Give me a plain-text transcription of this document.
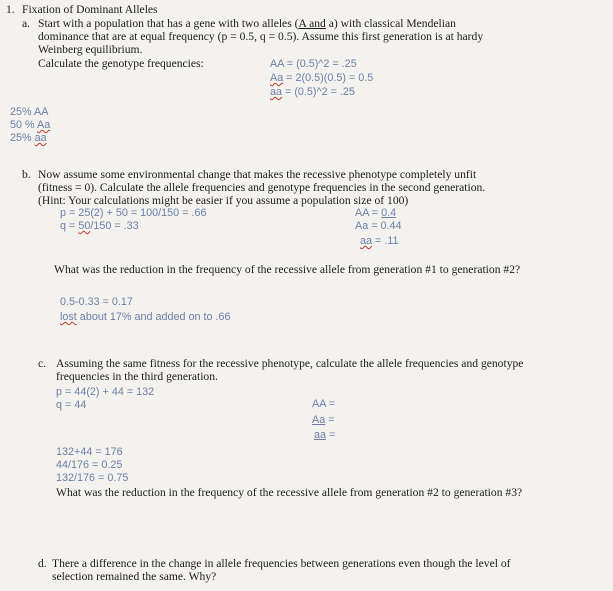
1. Fixation of Dominant Alleles
a. Start with a population that has a gene with two alleles (A and a) with classical Mendelian
dominance that are at equal frequency (p = 0.5, q = 0.5). Assume this first generation is at hardy
Weinberg equilibrium.
Calculate the genotype frequencies:	AA = (0.5)^2 = .25
Aa = 2(0.5)(0.5) = 0.5
aa = (0.5)^2 = .25
25% AA
50 % Aa
25% aa
b. Now assume some environmental change that makes the recessive phenotype completely unfit
(fitness = 0). Calculate the allele frequencies and genotype frequencies in the second generation.
(Hint: Your calculations might be easier if you assume a population size of 100)
p = 25(2) + 50 = 100/150 = .66
q = 50/150 = .33
AA = 0.4
Aa = 0.44
aa = .11
What was the reduction in the frequency of the recessive allele from generation #1 to generation #2?
0.5-0.33 = 0.17
lost about 17% and added on to .66
c. Assuming the same fitness for the recessive phenotype, calculate the allele frequencies and genotype
frequencies in the third generation.
p = 44(2) + 44 = 132
q = 44	AA =
Aa =
aa =
132+44 = 176
44/176 = 0.25
132/176 = 0.75
What was the reduction in the frequency of the recessive allele from generation #2 to generation #3?
d. There a difference in the change in allele frequencies between generations even though the level of
selection remained the same. Why?
